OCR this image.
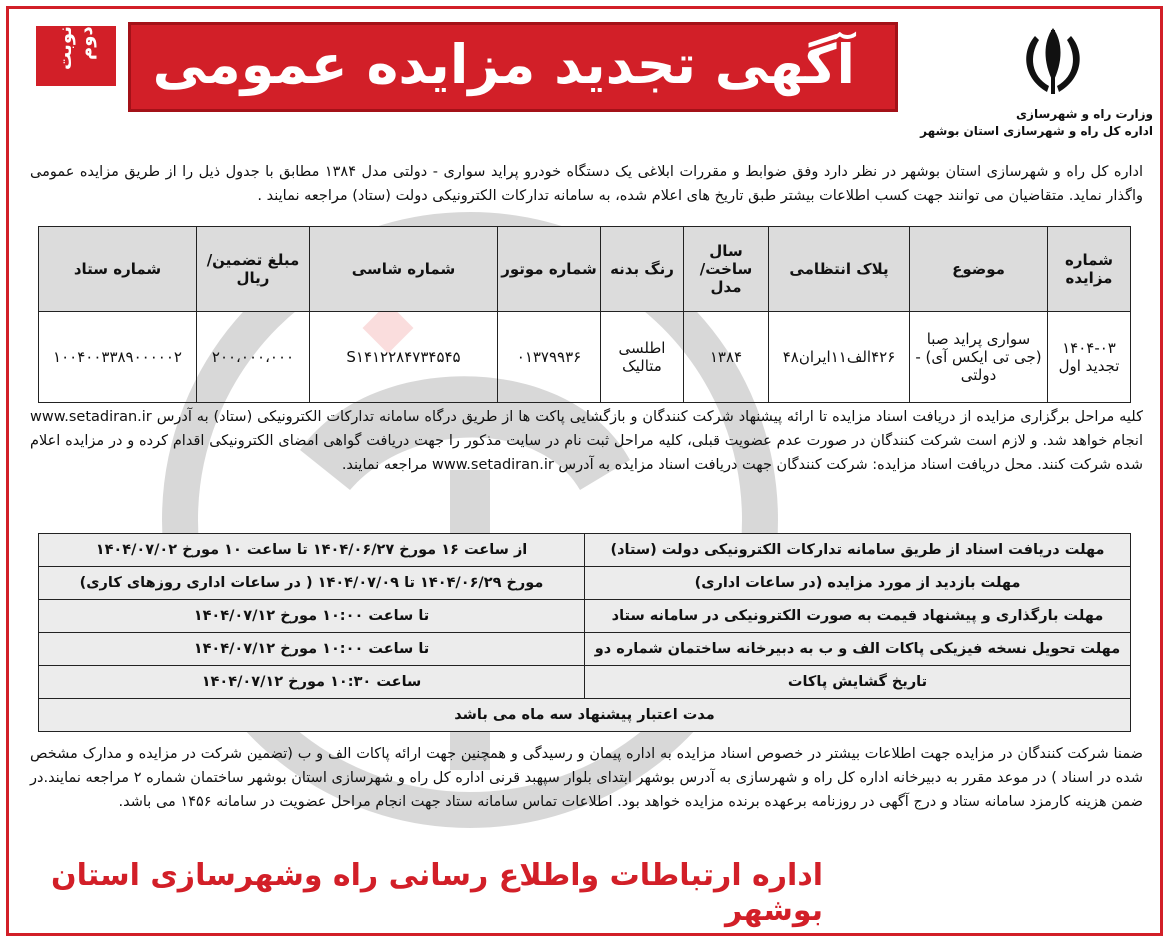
آگهی تجدید مزایده عمومی
نوبت دوم
وزارت راه و شهرسازی
اداره کل راه و شهرسازی استان بوشهر
اداره کل راه و شهرسازی استان بوشهر در نظر دارد وفق ضوابط و مقررات ابلاغی یک دستگاه خودرو پراید سواری - دولتی مدل ۱۳۸۴ مطابق با جدول ذیل را از طریق مزایده عمومی واگذار نماید. متقاضیان می توانند جهت کسب اطلاعات بیشتر طبق تاریخ های اعلام شده، به سامانه تدارکات الکترونیکی دولت (ستاد) مراجعه نمایند .
شماره مزایده	موضوع	پلاک انتظامی	سال ساخت/ مدل	رنگ بدنه	شماره موتور	شماره شاسی	مبلغ تضمین/ ریال	شماره ستاد
۱۴۰۴-۰۳ تجدید اول	سواری پراید صبا (جی تی ایکس آی) - دولتی	۴۲۶الف۱۱ایران۴۸	۱۳۸۴	اطلسی متالیک	۰۱۳۷۹۹۳۶	S۱۴۱۲۲۸۴۷۳۴۵۴۵	۲۰۰،۰۰۰،۰۰۰	۱۰۰۴۰۰۳۳۸۹۰۰۰۰۰۲
کلیه مراحل برگزاری مزایده از دریافت اسناد مزایده تا ارائه پیشنهاد شرکت کنندگان و بازگشایی پاکت ها از طریق درگاه سامانه تدارکات الکترونیکی (ستاد) به آدرس www.setadiran.ir انجام خواهد شد. و لازم است شرکت کنندگان در صورت عدم عضویت قبلی، کلیه مراحل ثبت نام در سایت مذکور را جهت دریافت گواهی امضای الکترونیکی اقدام کرده و در مزایده اعلام شده شرکت کنند. محل دریافت اسناد مزایده: شرکت کنندگان جهت دریافت اسناد مزایده به آدرس www.setadiran.ir مراجعه نمایند.
مهلت دریافت اسناد از طریق سامانه تدارکات الکترونیکی دولت (ستاد)	از ساعت ۱۶ مورخ ۱۴۰۴/۰۶/۲۷ تا ساعت ۱۰ مورخ ۱۴۰۴/۰۷/۰۲
مهلت بازدید از مورد مزایده (در ساعات اداری)	مورخ ۱۴۰۴/۰۶/۲۹ تا ۱۴۰۴/۰۷/۰۹ ( در ساعات اداری روزهای کاری)
مهلت بارگذاری و پیشنهاد قیمت به صورت الکترونیکی در سامانه ستاد	تا ساعت ۱۰:۰۰ مورخ ۱۴۰۴/۰۷/۱۲
مهلت تحویل نسخه فیزیکی پاکات الف و ب به دبیرخانه ساختمان شماره دو	تا ساعت ۱۰:۰۰ مورخ ۱۴۰۴/۰۷/۱۲
تاریخ گشایش پاکات	ساعت ۱۰:۳۰ مورخ ۱۴۰۴/۰۷/۱۲
مدت اعتبار پیشنهاد سه ماه می باشد	
ضمنا شرکت کنندگان در مزایده جهت اطلاعات بیشتر در خصوص اسناد مزایده به اداره پیمان و رسیدگی و همچنین جهت ارائه پاکات الف و ب (تضمین شرکت در مزایده و مدارک مشخص شده در اسناد ) در موعد مقرر به دبیرخانه اداره کل راه و شهرسازی به آدرس بوشهر ابتدای بلوار سپهبد قرنی اداره کل راه و شهرسازی استان بوشهر ساختمان شماره ۲ مراجعه نمایند.در ضمن هزینه کارمزد سامانه ستاد و درج آگهی در روزنامه برعهده برنده مزایده خواهد بود. اطلاعات تماس سامانه ستاد جهت انجام مراحل عضویت در سامانه ۱۴۵۶ می باشد.
اداره ارتباطات واطلاع رسانی راه وشهرسازی استان بوشهر
